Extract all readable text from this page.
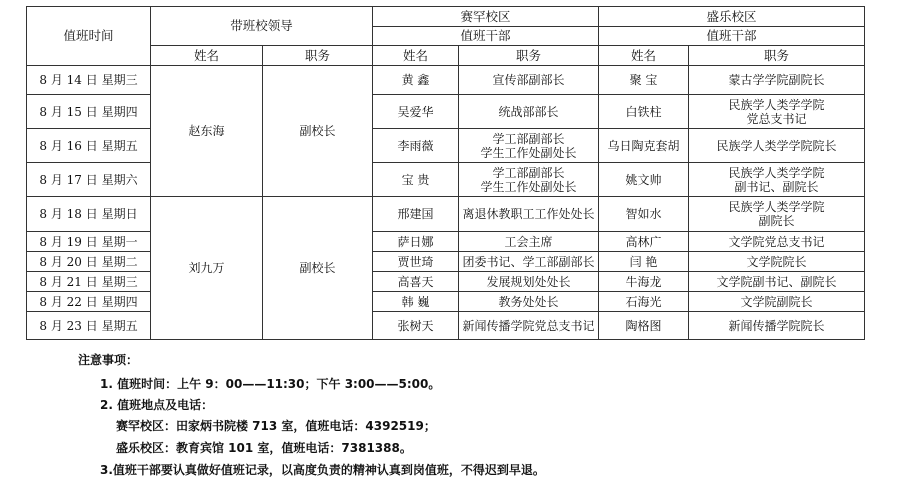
值班时间	带班校领导		赛罕校区		盛乐校区	
			值班干部		值班干部	
	姓名	职务	姓名	职务	姓名	职务
8 月 14 日 星期三	赵东海	副校长	黄 鑫	宣传部副部长	聚 宝	蒙古学学院副院长

8 月 15 日 星期四			吴爱华	统战部部长	白铁柱	民族学人类学学院
党总支书记

8 月 16 日 星期五			李雨薇	学工部副部长
学生工作处副处长	乌日陶克套胡	民族学人类学学院院长

8 月 17 日 星期六			宝 贵	学工部副部长
学生工作处副处长	姚文帅	民族学人类学学院
副书记、副院长

8 月 18 日 星期日	刘九万	副校长	邢建国	离退休教职工工作处处长	智如水	民族学人类学学院
副院长

8 月 19 日 星期一			萨日娜	工会主席	高林广	文学院党总支书记

8 月 20 日 星期二			贾世琦	团委书记、学工部副部长	闫 艳	文学院院长

8 月 21 日 星期三			高喜天	发展规划处处长	牛海龙	文学院副书记、副院长

8 月 22 日 星期四			韩 巍	教务处处长	石海光	文学院副院长

8 月 23 日 星期五			张树天	新闻传播学院党总支书记	陶格图	新闻传播学院院长
注意事项：
1. 值班时间：上午 9：00——11:30；下午 3:00——5:00。
2. 值班地点及电话：
赛罕校区：田家炳书院楼 713 室，值班电话：4392519；
盛乐校区：教育宾馆 101 室，值班电话：7381388。
3.值班干部要认真做好值班记录，以高度负责的精神认真到岗值班，不得迟到早退。
